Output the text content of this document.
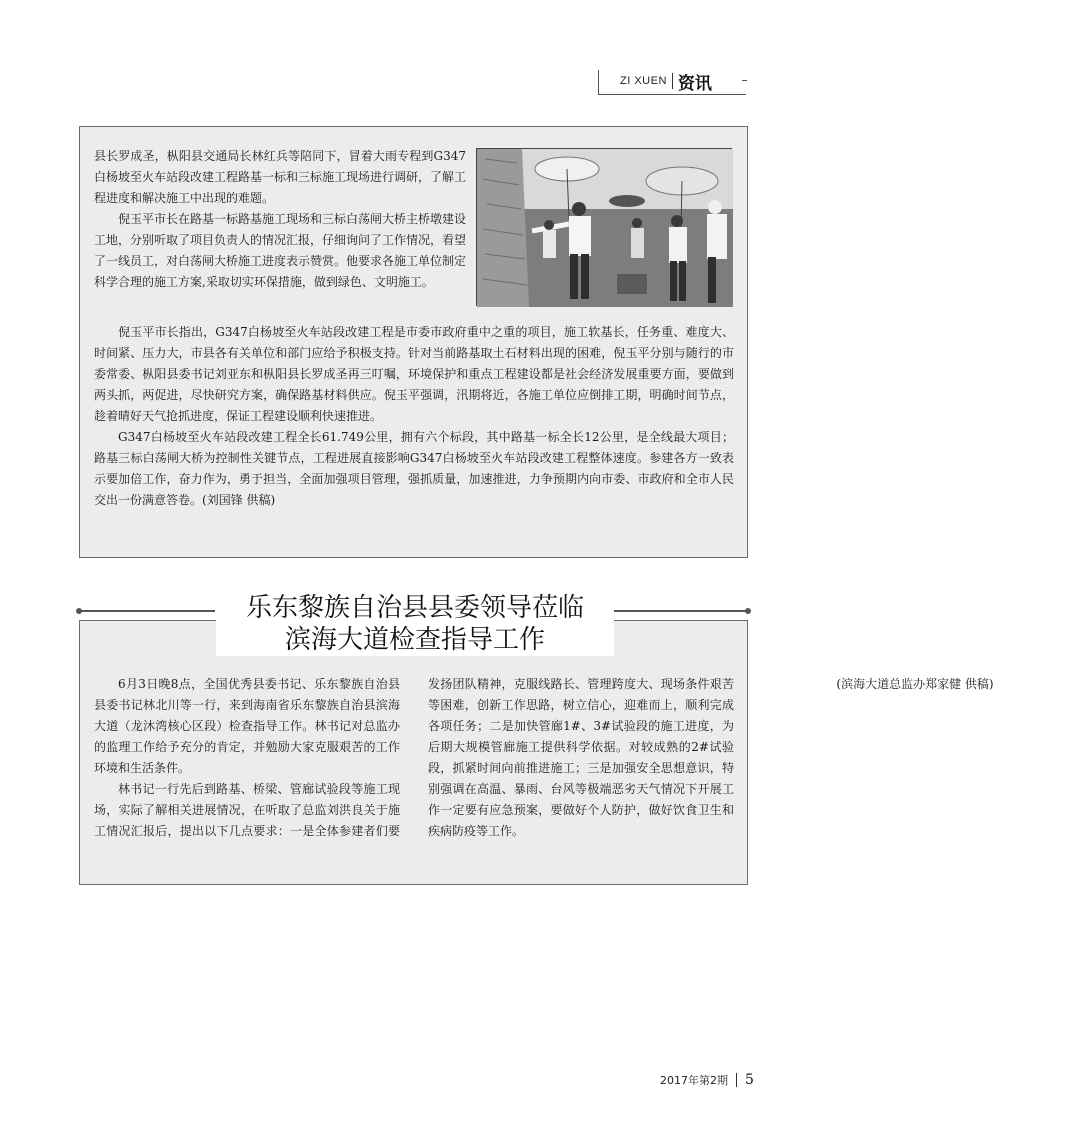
ZI XUEN 资讯

县长罗成圣，枞阳县交通局长林红兵等陪同下，冒着大雨专程到G347白杨坡至火车站段改建工程路基一标和三标施工现场进行调研，了解工程进度和解决施工中出现的难题。

倪玉平市长在路基一标路基施工现场和三标白荡闸大桥主桥墩建设工地，分别听取了项目负责人的情况汇报，仔细询问了工作情况，看望了一线员工，对白荡闸大桥施工进度表示赞赏。他要求各施工单位制定科学合理的施工方案,采取切实环保措施，做到绿色、文明施工。

倪玉平市长指出，G347白杨坡至火车站段改建工程是市委市政府重中之重的项目，施工软基长，任务重、难度大、时间紧、压力大，市县各有关单位和部门应给予积极支持。针对当前路基取土石材料出现的困难，倪玉平分别与随行的市委常委、枞阳县委书记刘亚东和枞阳县长罗成圣再三叮嘱，环境保护和重点工程建设都是社会经济发展重要方面，要做到两头抓，两促进，尽快研究方案，确保路基材料供应。倪玉平强调，汛期将近，各施工单位应倒排工期，明确时间节点，趁着晴好天气抢抓进度，保证工程建设顺利快速推进。

G347白杨坡至火车站段改建工程全长61.749公里，拥有六个标段，其中路基一标全长12公里，是全线最大项目；路基三标白荡闸大桥为控制性关键节点，工程进展直接影响G347白杨坡至火车站段改建工程整体速度。参建各方一致表示要加倍工作，奋力作为，勇于担当，全面加强项目管理，强抓质量，加速推进，力争预期内向市委、市政府和全市人民交出一份满意答卷。(刘国锋 供稿)

乐东黎族自治县县委领导莅临
滨海大道检查指导工作

6月3日晚8点，全国优秀县委书记、乐东黎族自治县县委书记林北川等一行，来到海南省乐东黎族自治县滨海大道（龙沐湾核心区段）检查指导工作。林书记对总监办的监理工作给予充分的肯定，并勉励大家克服艰苦的工作环境和生活条件。

林书记一行先后到路基、桥梁、管廊试验段等施工现场，实际了解相关进展情况，在听取了总监刘洪良关于施工情况汇报后，提出以下几点要求：一是全体参建者们要发扬团队精神，克服线路长、管理跨度大、现场条件艰苦等困难，创新工作思路，树立信心，迎难而上，顺利完成各项任务；二是加快管廊1#、3#试验段的施工进度，为后期大规模管廊施工提供科学依据。对较成熟的2#试验段，抓紧时间向前推进施工；三是加强安全思想意识，特别强调在高温、暴雨、台风等极端恶劣天气情况下开展工作一定要有应急预案，要做好个人防护，做好饮食卫生和疾病防疫等工作。

(滨海大道总监办郑家健 供稿)

2017年第2期 5
